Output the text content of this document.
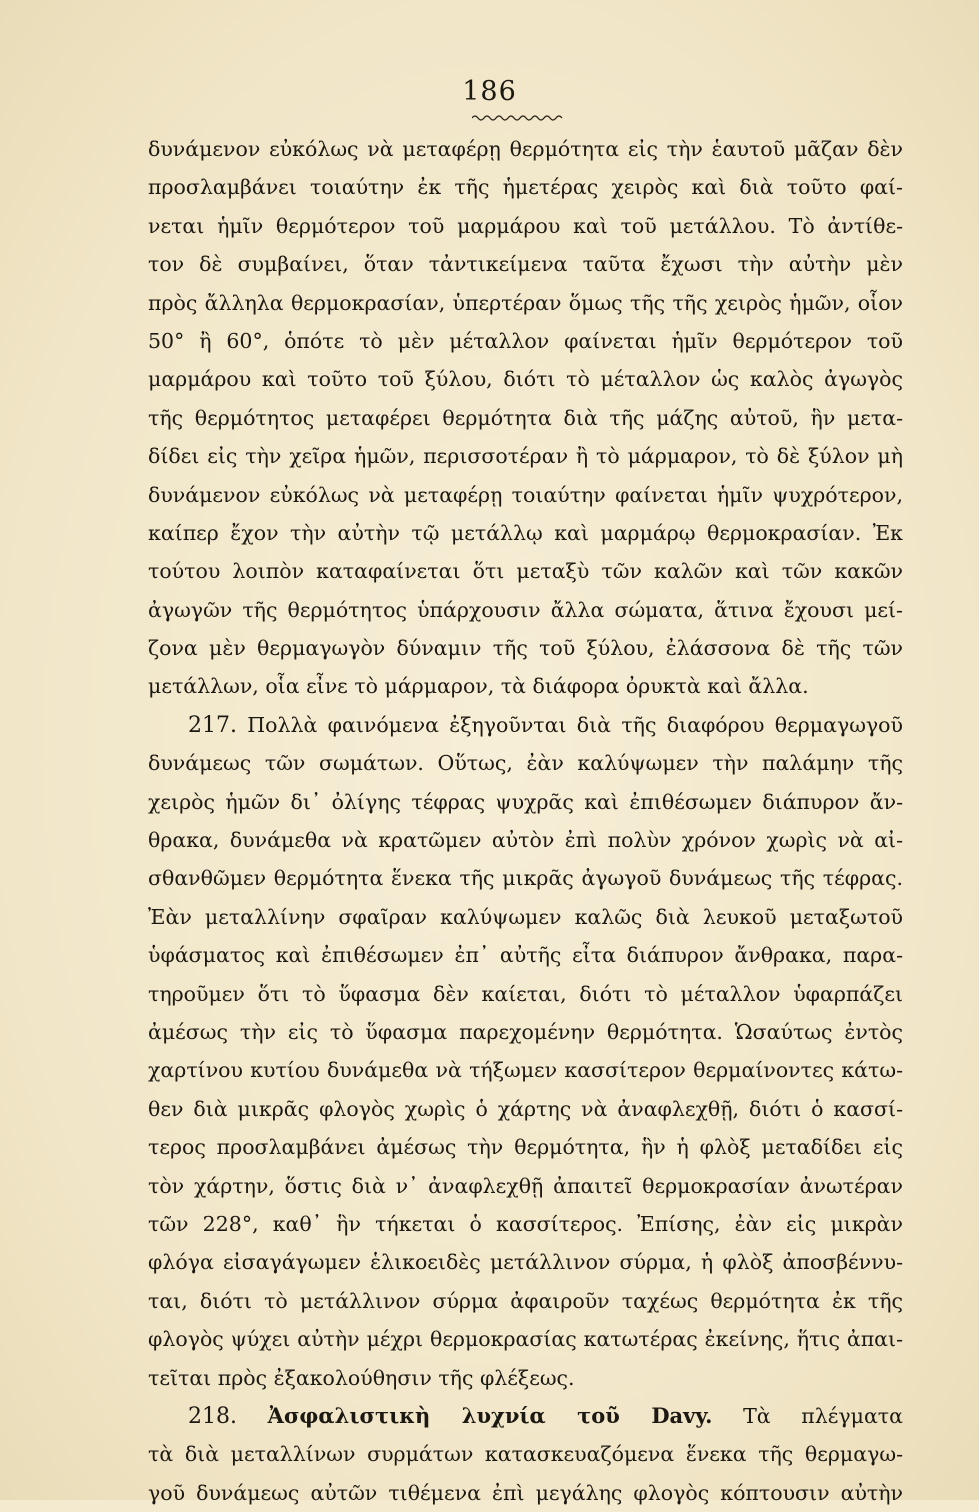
186
δυνάμενον εὐκόλως νὰ μεταφέρῃ θερμότητα εἰς τὴν ἑαυτοῦ μᾶζαν δὲν
προσλαμβάνει τοιαύτην ἐκ τῆς ἡμετέρας χειρὸς καὶ διὰ τοῦτο φαί-
νεται ἡμῖν θερμότερον τοῦ μαρμάρου καὶ τοῦ μετάλλου. Τὸ ἀντίθε-
τον δὲ συμβαίνει, ὅταν τἀντικείμενα ταῦτα ἔχωσι τὴν αὐτὴν μὲν
πρὸς ἄλληλα θερμοκρασίαν, ὑπερτέραν ὅμως τῆς τῆς χειρὸς ἡμῶν, οἷον
50° ἢ 60°, ὁπότε τὸ μὲν μέταλλον φαίνεται ἡμῖν θερμότερον τοῦ
μαρμάρου καὶ τοῦτο τοῦ ξύλου, διότι τὸ μέταλλον ὡς καλὸς ἀγωγὸς
τῆς θερμότητος μεταφέρει θερμότητα διὰ τῆς μάζης αὐτοῦ, ἣν μετα-
δίδει εἰς τὴν χεῖρα ἡμῶν, περισσοτέραν ἢ τὸ μάρμαρον, τὸ δὲ ξύλον μὴ
δυνάμενον εὐκόλως νὰ μεταφέρῃ τοιαύτην φαίνεται ἡμῖν ψυχρότερον,
καίπερ ἔχον τὴν αὐτὴν τῷ μετάλλῳ καὶ μαρμάρῳ θερμοκρασίαν. Ἐκ
τούτου λοιπὸν καταφαίνεται ὅτι μεταξὺ τῶν καλῶν καὶ τῶν κακῶν
ἀγωγῶν τῆς θερμότητος ὑπάρχουσιν ἄλλα σώματα, ἅτινα ἔχουσι μεί-
ζονα μὲν θερμαγωγὸν δύναμιν τῆς τοῦ ξύλου, ἐλάσσονα δὲ τῆς τῶν
μετάλλων, οἷα εἶνε τὸ μάρμαρον, τὰ διάφορα ὀρυκτὰ καὶ ἄλλα.
217. Πολλὰ φαινόμενα ἐξηγοῦνται διὰ τῆς διαφόρου θερμαγωγοῦ
δυνάμεως τῶν σωμάτων. Οὕτως, ἐὰν καλύψωμεν τὴν παλάμην τῆς
χειρὸς ἡμῶν δι᾽ ὀλίγης τέφρας ψυχρᾶς καὶ ἐπιθέσωμεν διάπυρον ἄν-
θρακα, δυνάμεθα νὰ κρατῶμεν αὐτὸν ἐπὶ πολὺν χρόνον χωρὶς νὰ αἰ-
σθανθῶμεν θερμότητα ἕνεκα τῆς μικρᾶς ἀγωγοῦ δυνάμεως τῆς τέφρας.
Ἐὰν μεταλλίνην σφαῖραν καλύψωμεν καλῶς διὰ λευκοῦ μεταξωτοῦ
ὑφάσματος καὶ ἐπιθέσωμεν ἐπ᾽ αὐτῆς εἶτα διάπυρον ἄνθρακα, παρα-
τηροῦμεν ὅτι τὸ ὕφασμα δὲν καίεται, διότι τὸ μέταλλον ὑφαρπάζει
ἀμέσως τὴν εἰς τὸ ὕφασμα παρεχομένην θερμότητα. Ὡσαύτως ἐντὸς
χαρτίνου κυτίου δυνάμεθα νὰ τήξωμεν κασσίτερον θερμαίνοντες κάτω-
θεν διὰ μικρᾶς φλογὸς χωρὶς ὁ χάρτης νὰ ἀναφλεχθῇ, διότι ὁ κασσί-
τερος προσλαμβάνει ἀμέσως τὴν θερμότητα, ἣν ἡ φλὸξ μεταδίδει εἰς
τὸν χάρτην, ὅστις διὰ ν᾽ ἀναφλεχθῇ ἀπαιτεῖ θερμοκρασίαν ἀνωτέραν
τῶν 228°, καθ᾽ ἣν τήκεται ὁ κασσίτερος. Ἐπίσης, ἐὰν εἰς μικρὰν
φλόγα εἰσαγάγωμεν ἑλικοειδὲς μετάλλινον σύρμα, ἡ φλὸξ ἀποσβέννυ-
ται, διότι τὸ μετάλλινον σύρμα ἀφαιροῦν ταχέως θερμότητα ἐκ τῆς
φλογὸς ψύχει αὐτὴν μέχρι θερμοκρασίας κατωτέρας ἐκείνης, ἥτις ἀπαι-
τεῖται πρὸς ἐξακολούθησιν τῆς φλέξεως.
218. Ἀσφαλιστικὴ λυχνία τοῦ Davy. Τὰ πλέγματα
τὰ διὰ μεταλλίνων συρμάτων κατασκευαζόμενα ἕνεκα τῆς θερμαγω-
γοῦ δυνάμεως αὐτῶν τιθέμενα ἐπὶ μεγάλης φλογὸς κόπτουσιν αὐτὴν
